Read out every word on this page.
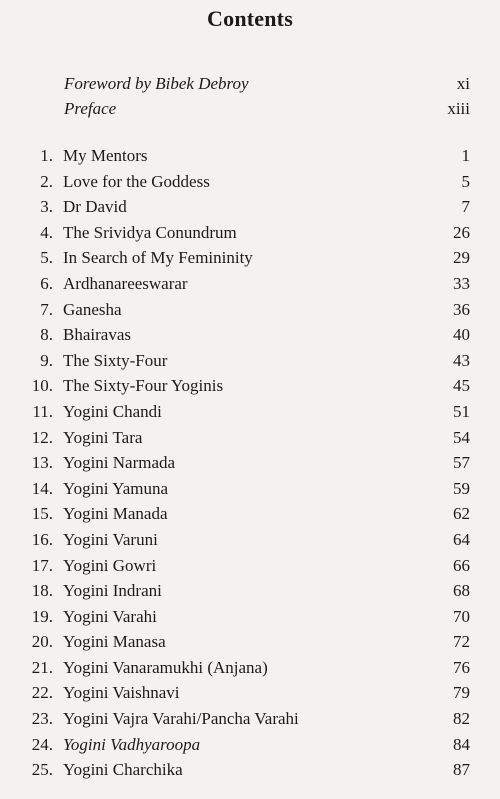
Contents
Foreword by Bibek Debroy	xi
Preface	xiii
1. My Mentors	1
2. Love for the Goddess	5
3. Dr David	7
4. The Srividya Conundrum	26
5. In Search of My Femininity	29
6. Ardhanareeswarar	33
7. Ganesha	36
8. Bhairavas	40
9. The Sixty-Four	43
10. The Sixty-Four Yoginis	45
11. Yogini Chandi	51
12. Yogini Tara	54
13. Yogini Narmada	57
14. Yogini Yamuna	59
15. Yogini Manada	62
16. Yogini Varuni	64
17. Yogini Gowri	66
18. Yogini Indrani	68
19. Yogini Varahi	70
20. Yogini Manasa	72
21. Yogini Vanaramukhi (Anjana)	76
22. Yogini Vaishnavi	79
23. Yogini Vajra Varahi/Pancha Varahi	82
24. Yogini Vadhyaroopa	84
25. Yogini Charchika	87
